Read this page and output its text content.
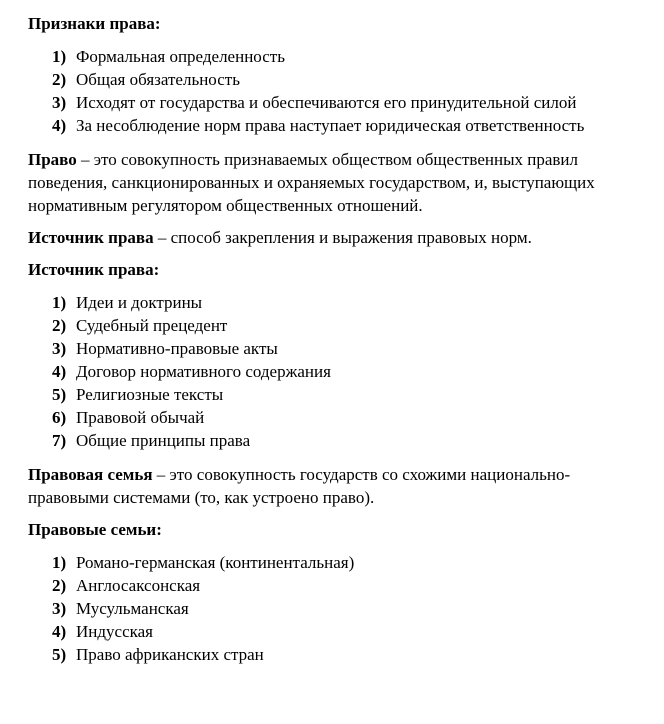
Признаки права:

1) Формальная определенность
2) Общая обязательность
3) Исходят от государства и обеспечиваются его принудительной силой
4) За несоблюдение норм права наступает юридическая ответственность

Право – это совокупность признаваемых обществом общественных правил поведения, санкционированных и охраняемых государством, и, выступающих нормативным регулятором общественных отношений.

Источник права – способ закрепления и выражения правовых норм.

Источник права:

1) Идеи и доктрины
2) Судебный прецедент
3) Нормативно-правовые акты
4) Договор нормативного содержания
5) Религиозные тексты
6) Правовой обычай
7) Общие принципы права

Правовая семья – это совокупность государств со схожими национально-правовыми системами (то, как устроено право).

Правовые семьи:

1) Романо-германская (континентальная)
2) Англосаксонская
3) Мусульманская
4) Индусская
5) Право африканских стран
